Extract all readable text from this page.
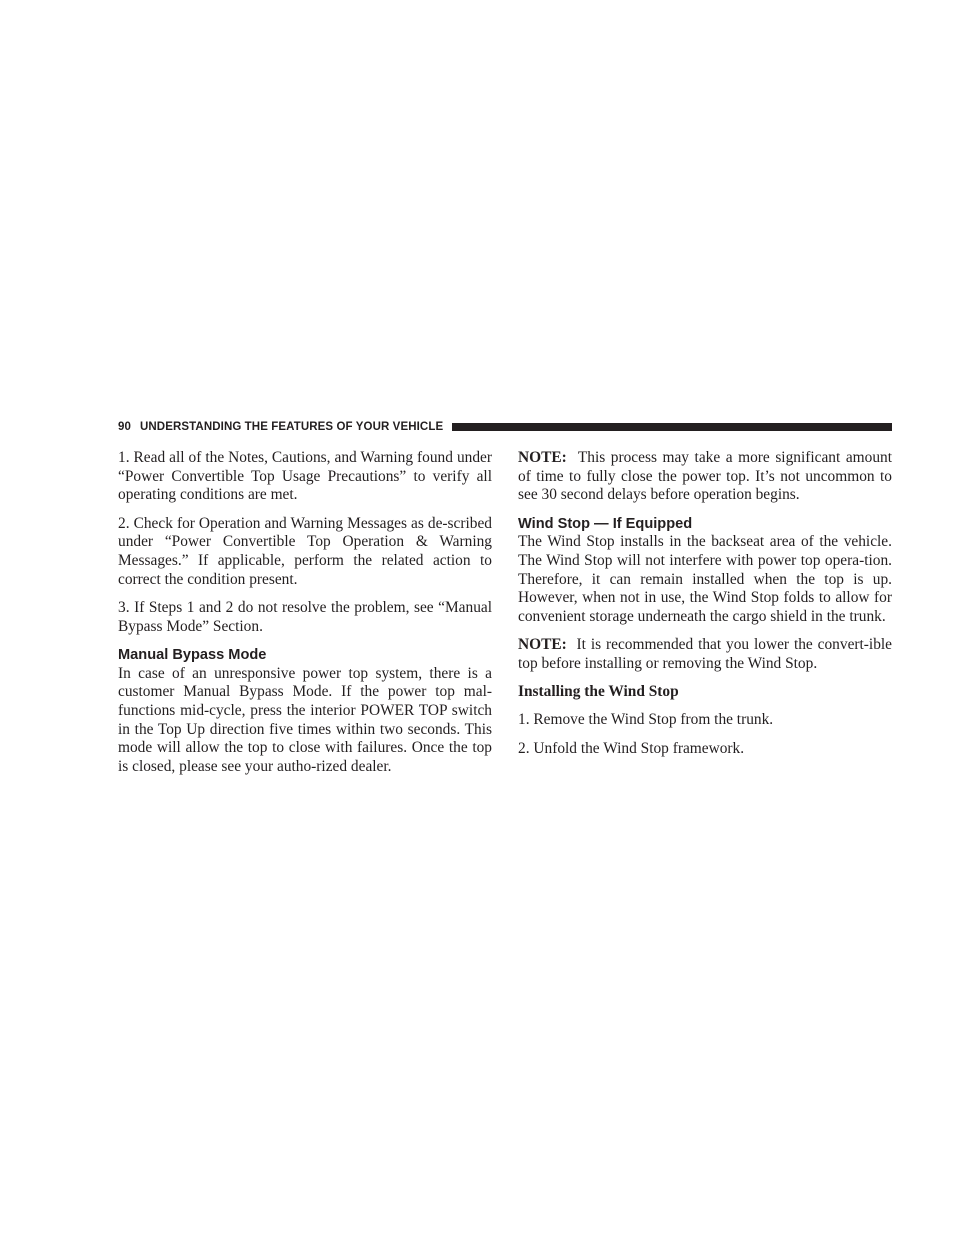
90 UNDERSTANDING THE FEATURES OF YOUR VEHICLE

1. Read all of the Notes, Cautions, and Warning found under “Power Convertible Top Usage Precautions” to verify all operating conditions are met.

2. Check for Operation and Warning Messages as de-scribed under “Power Convertible Top Operation & Warning Messages.” If applicable, perform the related action to correct the condition present.

3. If Steps 1 and 2 do not resolve the problem, see “Manual Bypass Mode” Section.

Manual Bypass Mode

In case of an unresponsive power top system, there is a customer Manual Bypass Mode. If the power top mal-functions mid-cycle, press the interior POWER TOP switch in the Top Up direction five times within two seconds. This mode will allow the top to close with failures. Once the top is closed, please see your autho-rized dealer.

NOTE: This process may take a more significant amount of time to fully close the power top. It’s not uncommon to see 30 second delays before operation begins.

Wind Stop — If Equipped

The Wind Stop installs in the backseat area of the vehicle. The Wind Stop will not interfere with power top opera-tion. Therefore, it can remain installed when the top is up. However, when not in use, the Wind Stop folds to allow for convenient storage underneath the cargo shield in the trunk.

NOTE: It is recommended that you lower the convert-ible top before installing or removing the Wind Stop.

Installing the Wind Stop

1. Remove the Wind Stop from the trunk.

2. Unfold the Wind Stop framework.
